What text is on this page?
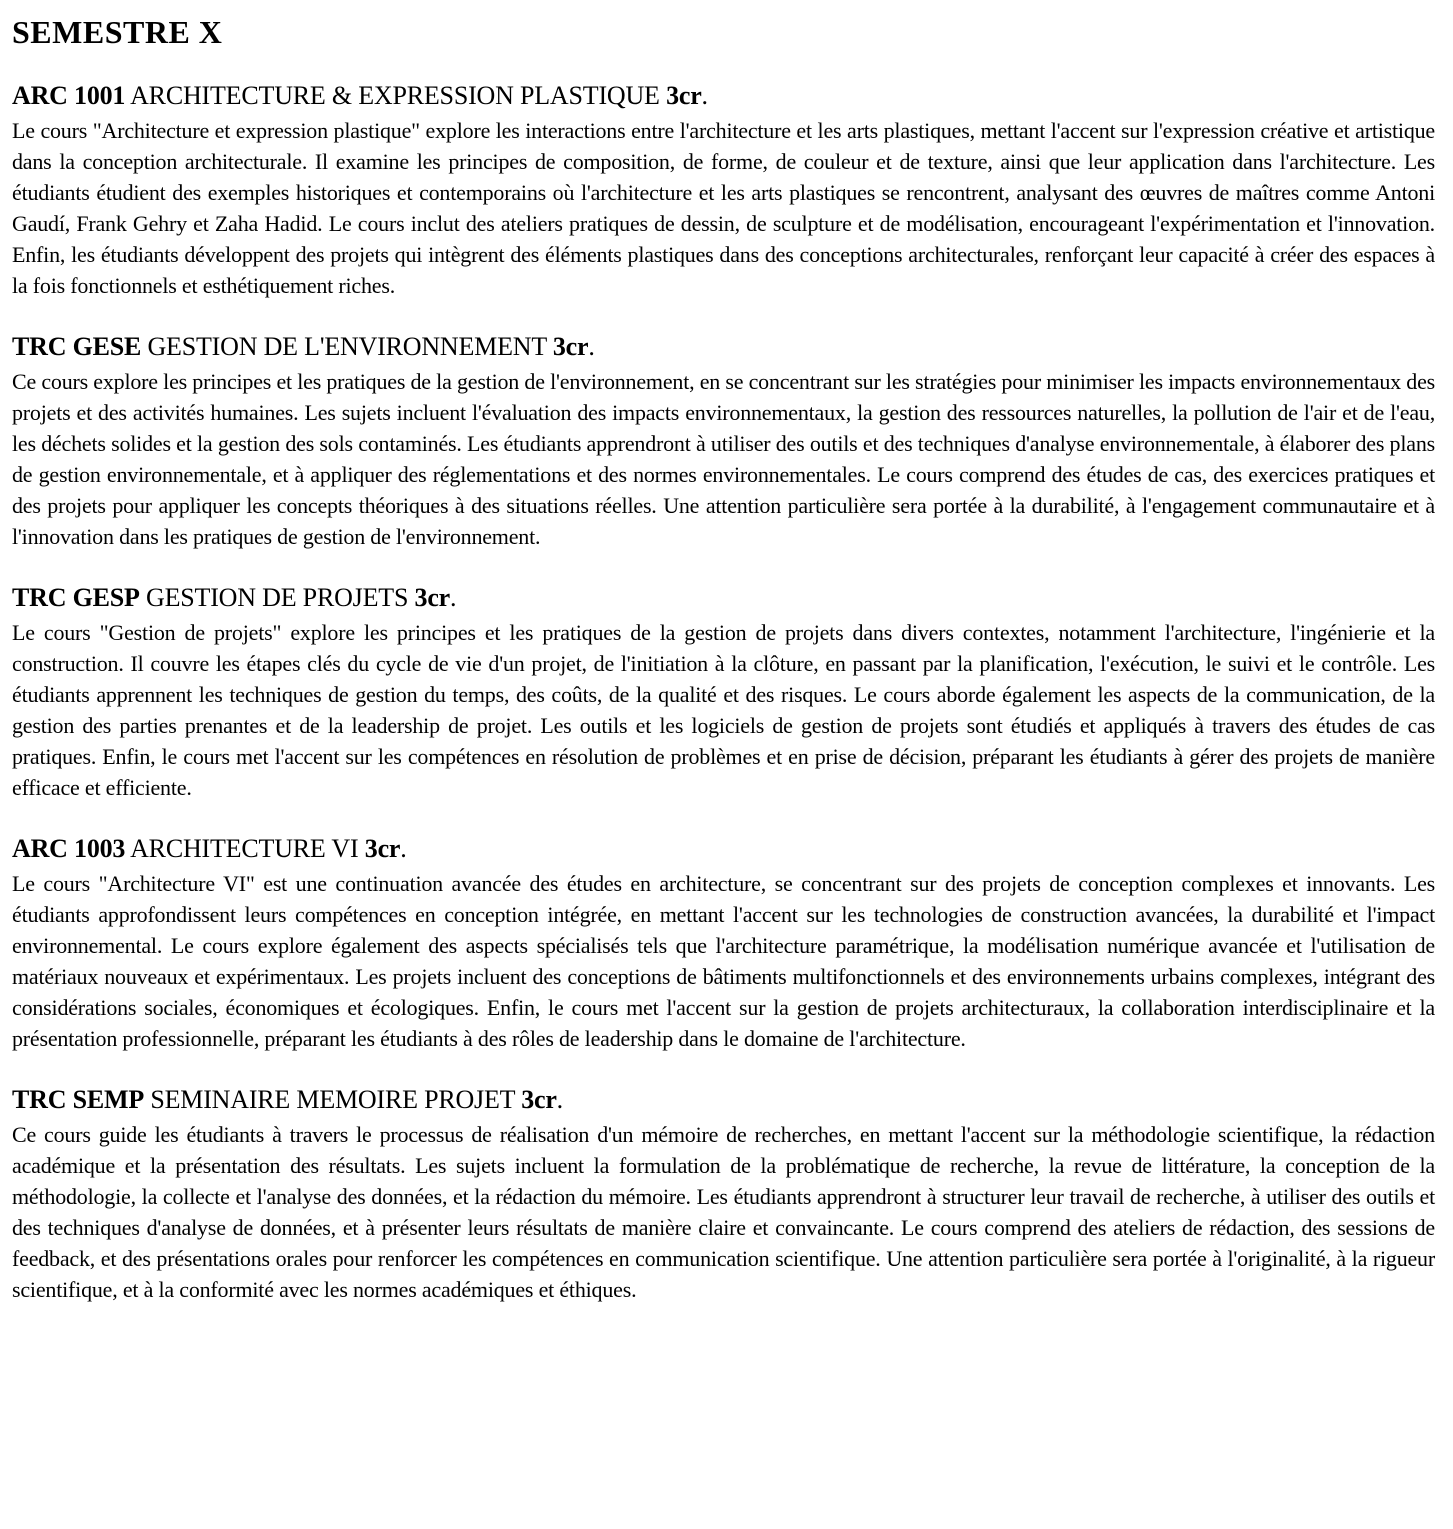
SEMESTRE X
ARC 1001 ARCHITECTURE & EXPRESSION PLASTIQUE 3cr.

Le cours "Architecture et expression plastique" explore les interactions entre l'architecture et les arts plastiques, mettant l'accent sur l'expression créative et artistique dans la conception architecturale. Il examine les principes de composition, de forme, de couleur et de texture, ainsi que leur application dans l'architecture. Les étudiants étudient des exemples historiques et contemporains où l'architecture et les arts plastiques se rencontrent, analysant des œuvres de maîtres comme Antoni Gaudí, Frank Gehry et Zaha Hadid. Le cours inclut des ateliers pratiques de dessin, de sculpture et de modélisation, encourageant l'expérimentation et l'innovation. Enfin, les étudiants développent des projets qui intègrent des éléments plastiques dans des conceptions architecturales, renforçant leur capacité à créer des espaces à la fois fonctionnels et esthétiquement riches.

TRC GESE GESTION DE L'ENVIRONNEMENT 3cr.

Ce cours explore les principes et les pratiques de la gestion de l'environnement, en se concentrant sur les stratégies pour minimiser les impacts environnementaux des projets et des activités humaines. Les sujets incluent l'évaluation des impacts environnementaux, la gestion des ressources naturelles, la pollution de l'air et de l'eau, les déchets solides et la gestion des sols contaminés. Les étudiants apprendront à utiliser des outils et des techniques d'analyse environnementale, à élaborer des plans de gestion environnementale, et à appliquer des réglementations et des normes environnementales. Le cours comprend des études de cas, des exercices pratiques et des projets pour appliquer les concepts théoriques à des situations réelles. Une attention particulière sera portée à la durabilité, à l'engagement communautaire et à l'innovation dans les pratiques de gestion de l'environnement.

TRC GESP GESTION DE PROJETS 3cr.

Le cours "Gestion de projets" explore les principes et les pratiques de la gestion de projets dans divers contextes, notamment l'architecture, l'ingénierie et la construction. Il couvre les étapes clés du cycle de vie d'un projet, de l'initiation à la clôture, en passant par la planification, l'exécution, le suivi et le contrôle. Les étudiants apprennent les techniques de gestion du temps, des coûts, de la qualité et des risques. Le cours aborde également les aspects de la communication, de la gestion des parties prenantes et de la leadership de projet. Les outils et les logiciels de gestion de projets sont étudiés et appliqués à travers des études de cas pratiques. Enfin, le cours met l'accent sur les compétences en résolution de problèmes et en prise de décision, préparant les étudiants à gérer des projets de manière efficace et efficiente.

ARC 1003 ARCHITECTURE VI 3cr.

Le cours "Architecture VI" est une continuation avancée des études en architecture, se concentrant sur des projets de conception complexes et innovants. Les étudiants approfondissent leurs compétences en conception intégrée, en mettant l'accent sur les technologies de construction avancées, la durabilité et l'impact environnemental. Le cours explore également des aspects spécialisés tels que l'architecture paramétrique, la modélisation numérique avancée et l'utilisation de matériaux nouveaux et expérimentaux. Les projets incluent des conceptions de bâtiments multifonctionnels et des environnements urbains complexes, intégrant des considérations sociales, économiques et écologiques. Enfin, le cours met l'accent sur la gestion de projets architecturaux, la collaboration interdisciplinaire et la présentation professionnelle, préparant les étudiants à des rôles de leadership dans le domaine de l'architecture.

TRC SEMP SEMINAIRE MEMOIRE PROJET 3cr.

Ce cours guide les étudiants à travers le processus de réalisation d'un mémoire de recherches, en mettant l'accent sur la méthodologie scientifique, la rédaction académique et la présentation des résultats. Les sujets incluent la formulation de la problématique de recherche, la revue de littérature, la conception de la méthodologie, la collecte et l'analyse des données, et la rédaction du mémoire. Les étudiants apprendront à structurer leur travail de recherche, à utiliser des outils et des techniques d'analyse de données, et à présenter leurs résultats de manière claire et convaincante. Le cours comprend des ateliers de rédaction, des sessions de feedback, et des présentations orales pour renforcer les compétences en communication scientifique. Une attention particulière sera portée à l'originalité, à la rigueur scientifique, et à la conformité avec les normes académiques et éthiques.
